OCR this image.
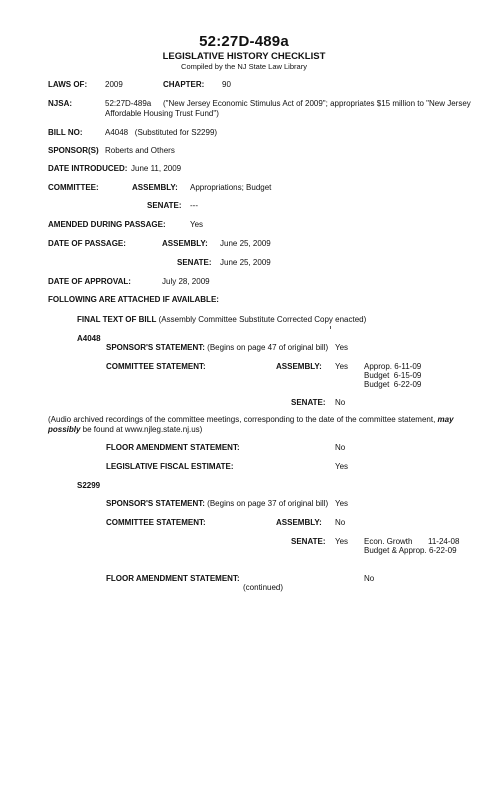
52:27D-489a
LEGISLATIVE HISTORY CHECKLIST
Compiled by the NJ State Law Library
LAWS OF: 2009	CHAPTER: 90
NJSA:	52:27D-489a ("New Jersey Economic Stimulus Act of 2009"; appropriates $15 million to "New Jersey
Affordable Housing Trust Fund")
BILL NO:	A4048   (Substituted for S2299)
SPONSOR(S) Roberts and Others
DATE INTRODUCED: June 11, 2009
COMMITTEE:	ASSEMBLY: Appropriations; Budget
SENATE: ---
AMENDED DURING PASSAGE:	Yes
DATE OF PASSAGE:	ASSEMBLY: June 25, 2009
SENATE: June 25, 2009
DATE OF APPROVAL:	July 28, 2009
FOLLOWING ARE ATTACHED IF AVAILABLE:
FINAL TEXT OF BILL (Assembly Committee Substitute Corrected Copy enacted)
A4048
SPONSOR'S STATEMENT: (Begins on page 47 of original bill) Yes
COMMITTEE STATEMENT:	ASSEMBLY: Yes Approp. 6-11-09
Budget  6-15-09
Budget  6-22-09
SENATE: No
(Audio archived recordings of the committee meetings, corresponding to the date of the committee statement, may possibly be found at www.njleg.state.nj.us)
FLOOR AMENDMENT STATEMENT:	No
LEGISLATIVE FISCAL ESTIMATE:	Yes
S2299
SPONSOR'S STATEMENT: (Begins on page 37 of original bill) Yes
COMMITTEE STATEMENT:	ASSEMBLY: No
SENATE: Yes Econ. Growth 11-24-08
Budget & Approp. 6-22-09
FLOOR AMENDMENT STATEMENT:	No
(continued)
